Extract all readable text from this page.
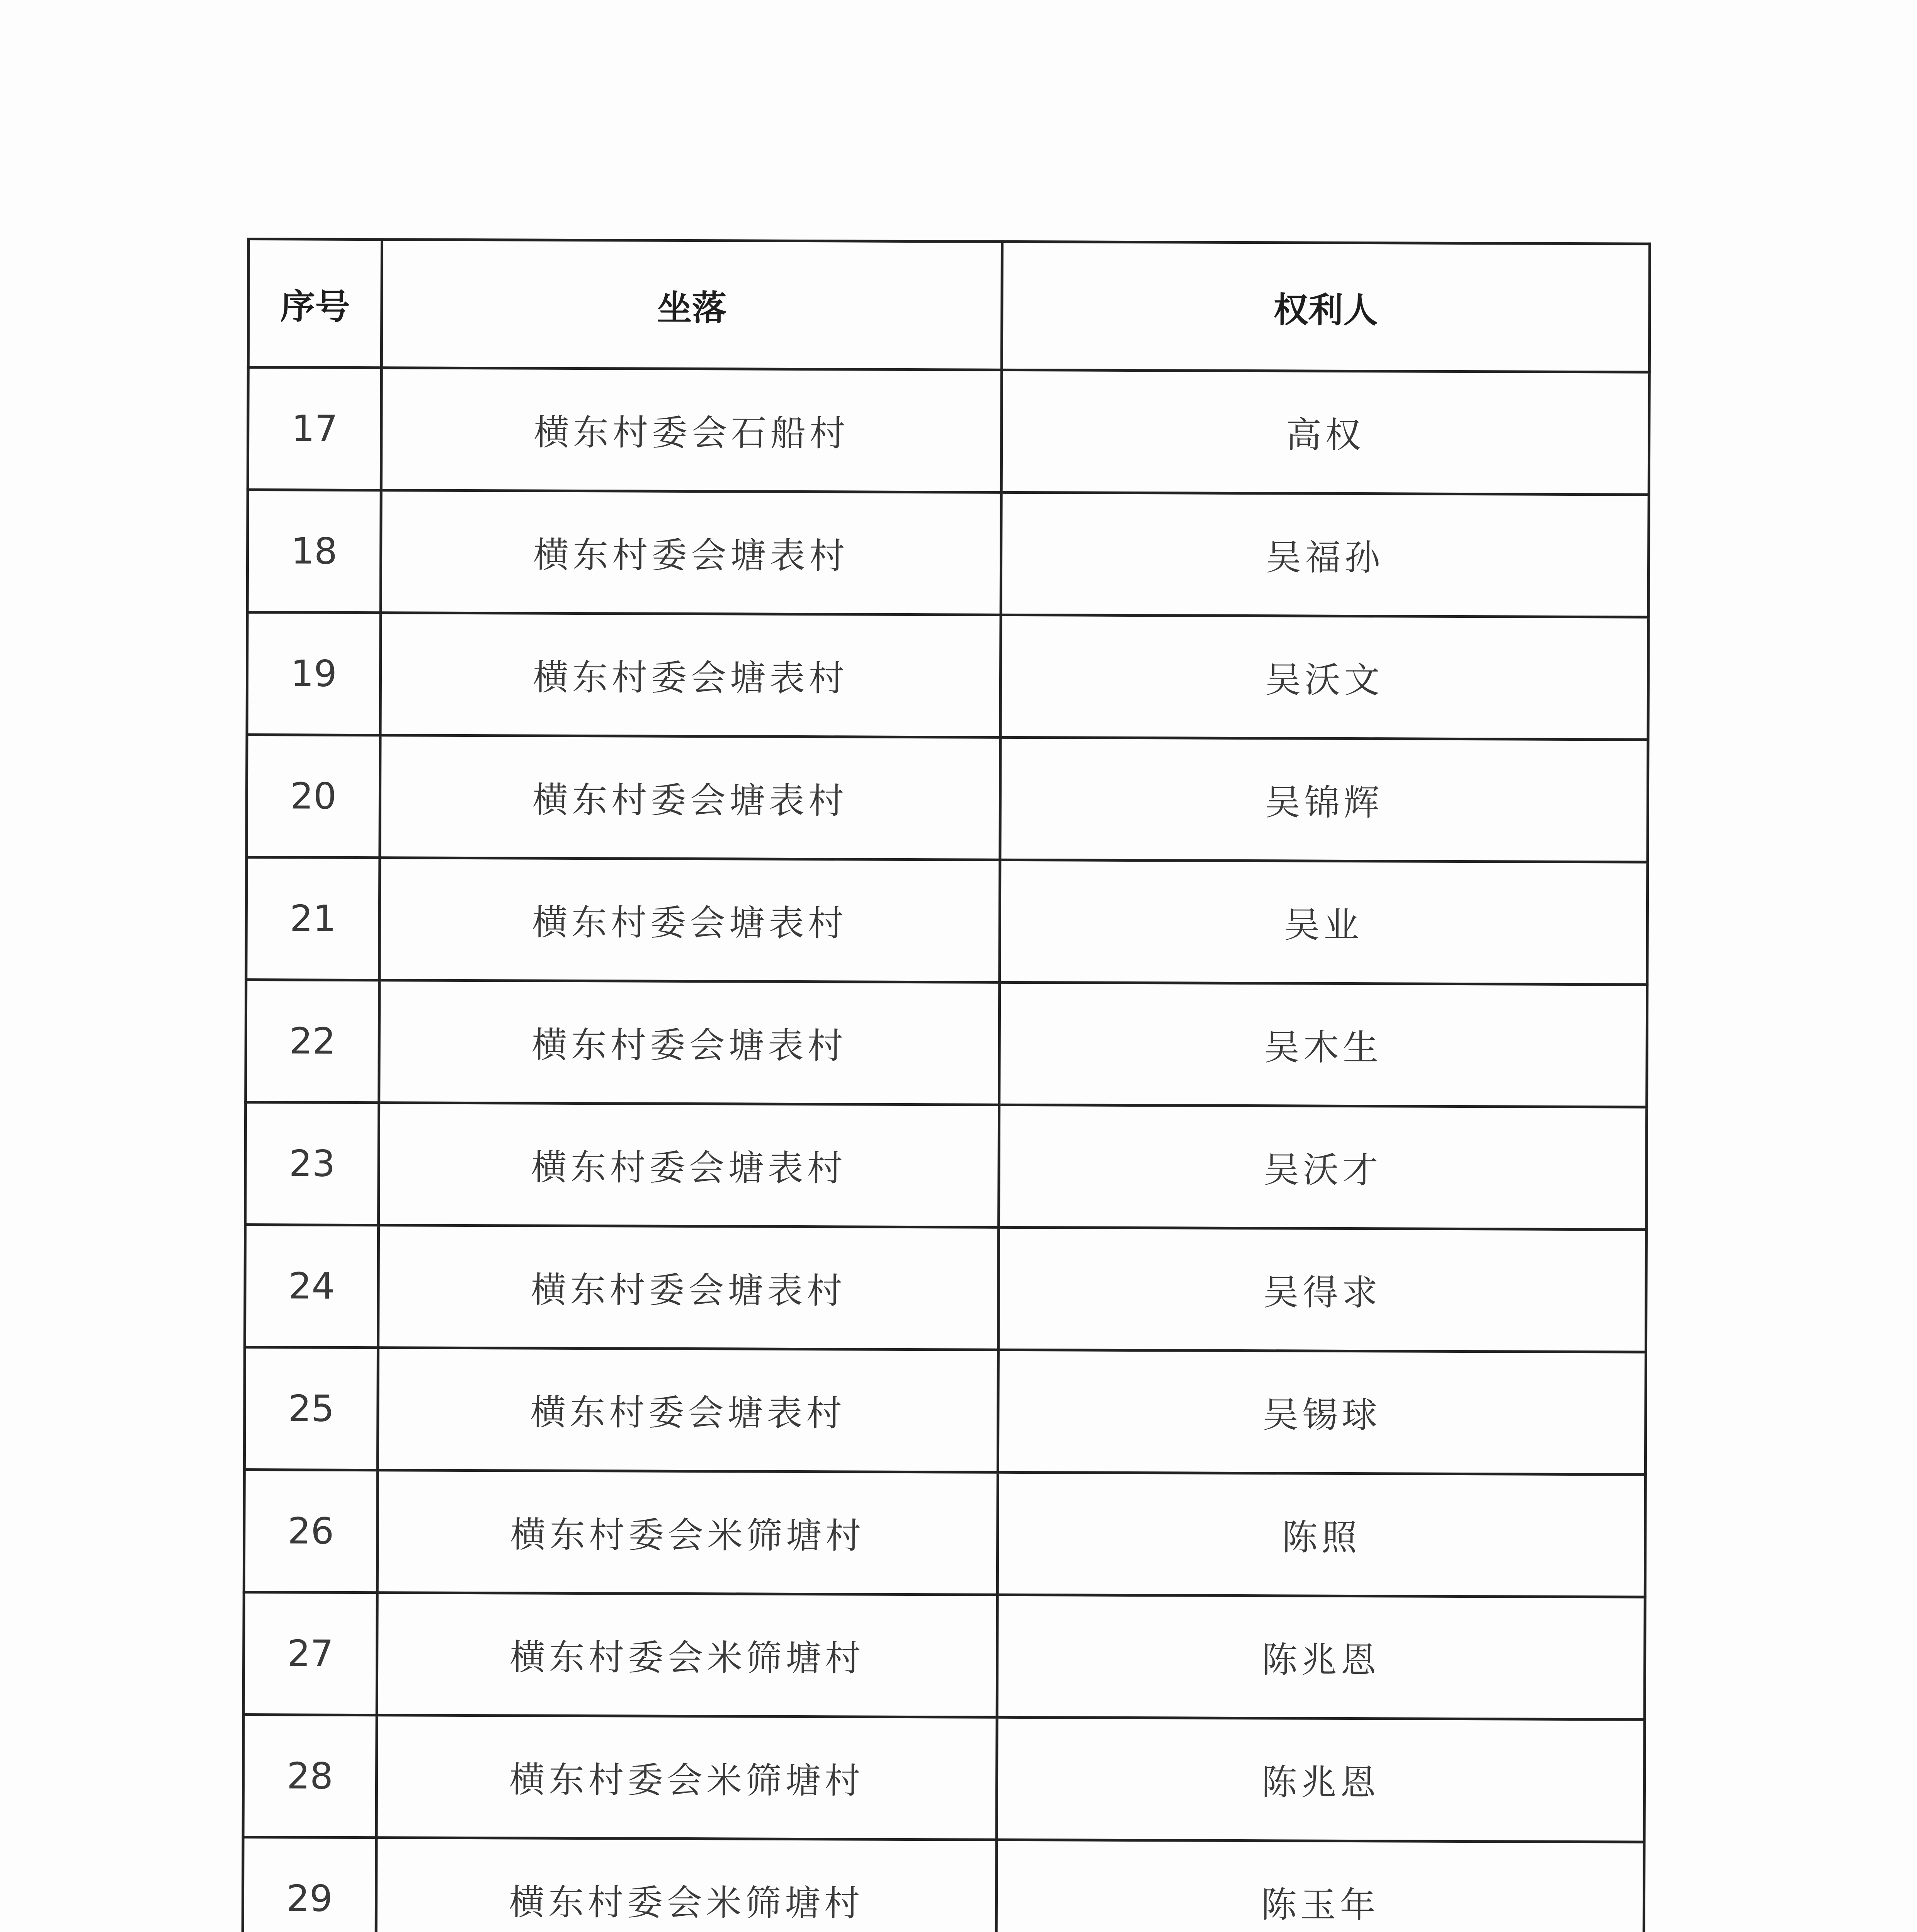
序号	坐落	权利人
17	横东村委会石船村	高权
18	横东村委会塘表村	吴福孙
19	横东村委会塘表村	吴沃文
20	横东村委会塘表村	吴锦辉
21	横东村委会塘表村	吴业
22	横东村委会塘表村	吴木生
23	横东村委会塘表村	吴沃才
24	横东村委会塘表村	吴得求
25	横东村委会塘表村	吴锡球
26	横东村委会米筛塘村	陈照
27	横东村委会米筛塘村	陈兆恩
28	横东村委会米筛塘村	陈兆恩
29	横东村委会米筛塘村	陈玉年
